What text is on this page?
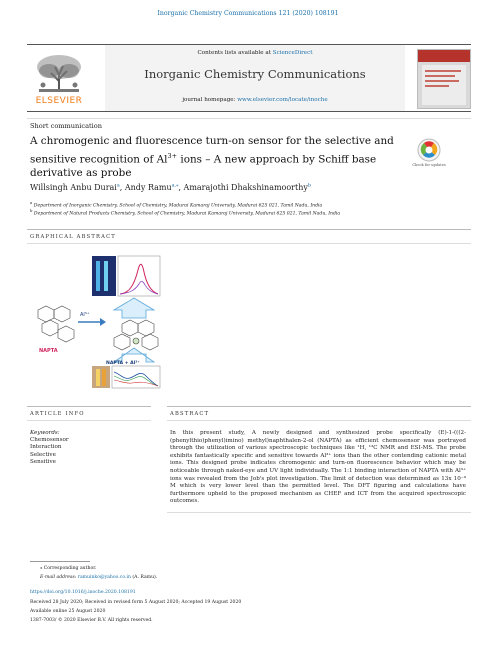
Inorganic Chemistry Communications 121 (2020) 108191
ELSEVIER
Contents lists available at ScienceDirect
Inorganic Chemistry Communications
journal homepage: www.elsevier.com/locate/inoche
Short communication
A chromogenic and fluorescence turn-on sensor for the selective and sensitive recognition of $Al^{3+}$ ions – A new approach by Schiff base derivative as probe
Check for updates
Willsingh Anbu Durai$^a$, Andy Ramu$^{a,⁎}$, Amarajothi Dhakshinamoorthy$^b$
$^a$ Department of Inorganic Chemistry, School of Chemistry, Madurai Kamaraj University, Madurai 625 021, Tamil Nadu, India
$^b$ Department of Natural Products Chemistry, School of Chemistry, Madurai Kamaraj University, Madurai 625 021, Tamil Nadu, India
GRAPHICAL ABSTRACT
Al³⁺
NAPTA
NAPTA + Al³⁺
ARTICLE INFO	ABSTRACT
Keywords:
Chemosensor
Interaction
Selective
Sensitive
In this present study, A newly designed and synthesized probe specifically (E)-1-(((2-(phenylthio)phenyl)imino) methyl)naphthalen-2-ol (NAPTA) as efficient chemosensor was portrayed through the utilization of various spectroscopic techniques like ¹H, ¹³C NMR and ESI-MS. The probe exhibits fantastically specific and sensitive towards Al³⁺ ions than the other contending cationic metal ions. This designed probe indicates chromogenic and turn-on fluorescence behavior which may be noticeable through naked-eye and UV light individually. The 1:1 binding interaction of NAPTA with Al³⁺ ions was revealed from the Job's plot investigation. The limit of detection was determined as 13x 10⁻⁹ M which is very lower level than the permitted level. The DFT figuring and calculations have furthermore upheld to the proposed mechanism as CHEF and ICT from the acquired spectroscopic outcomes.
⁎ Corresponding author.
E-mail address: ramuinko@yahoo.co.in (A. Ramu).
https://doi.org/10.1016/j.inoche.2020.108191
Received 28 July 2020; Received in revised form 5 August 2020; Accepted 19 August 2020
Available online 25 August 2020
1387-7003/ © 2020 Elsevier B.V. All rights reserved.
